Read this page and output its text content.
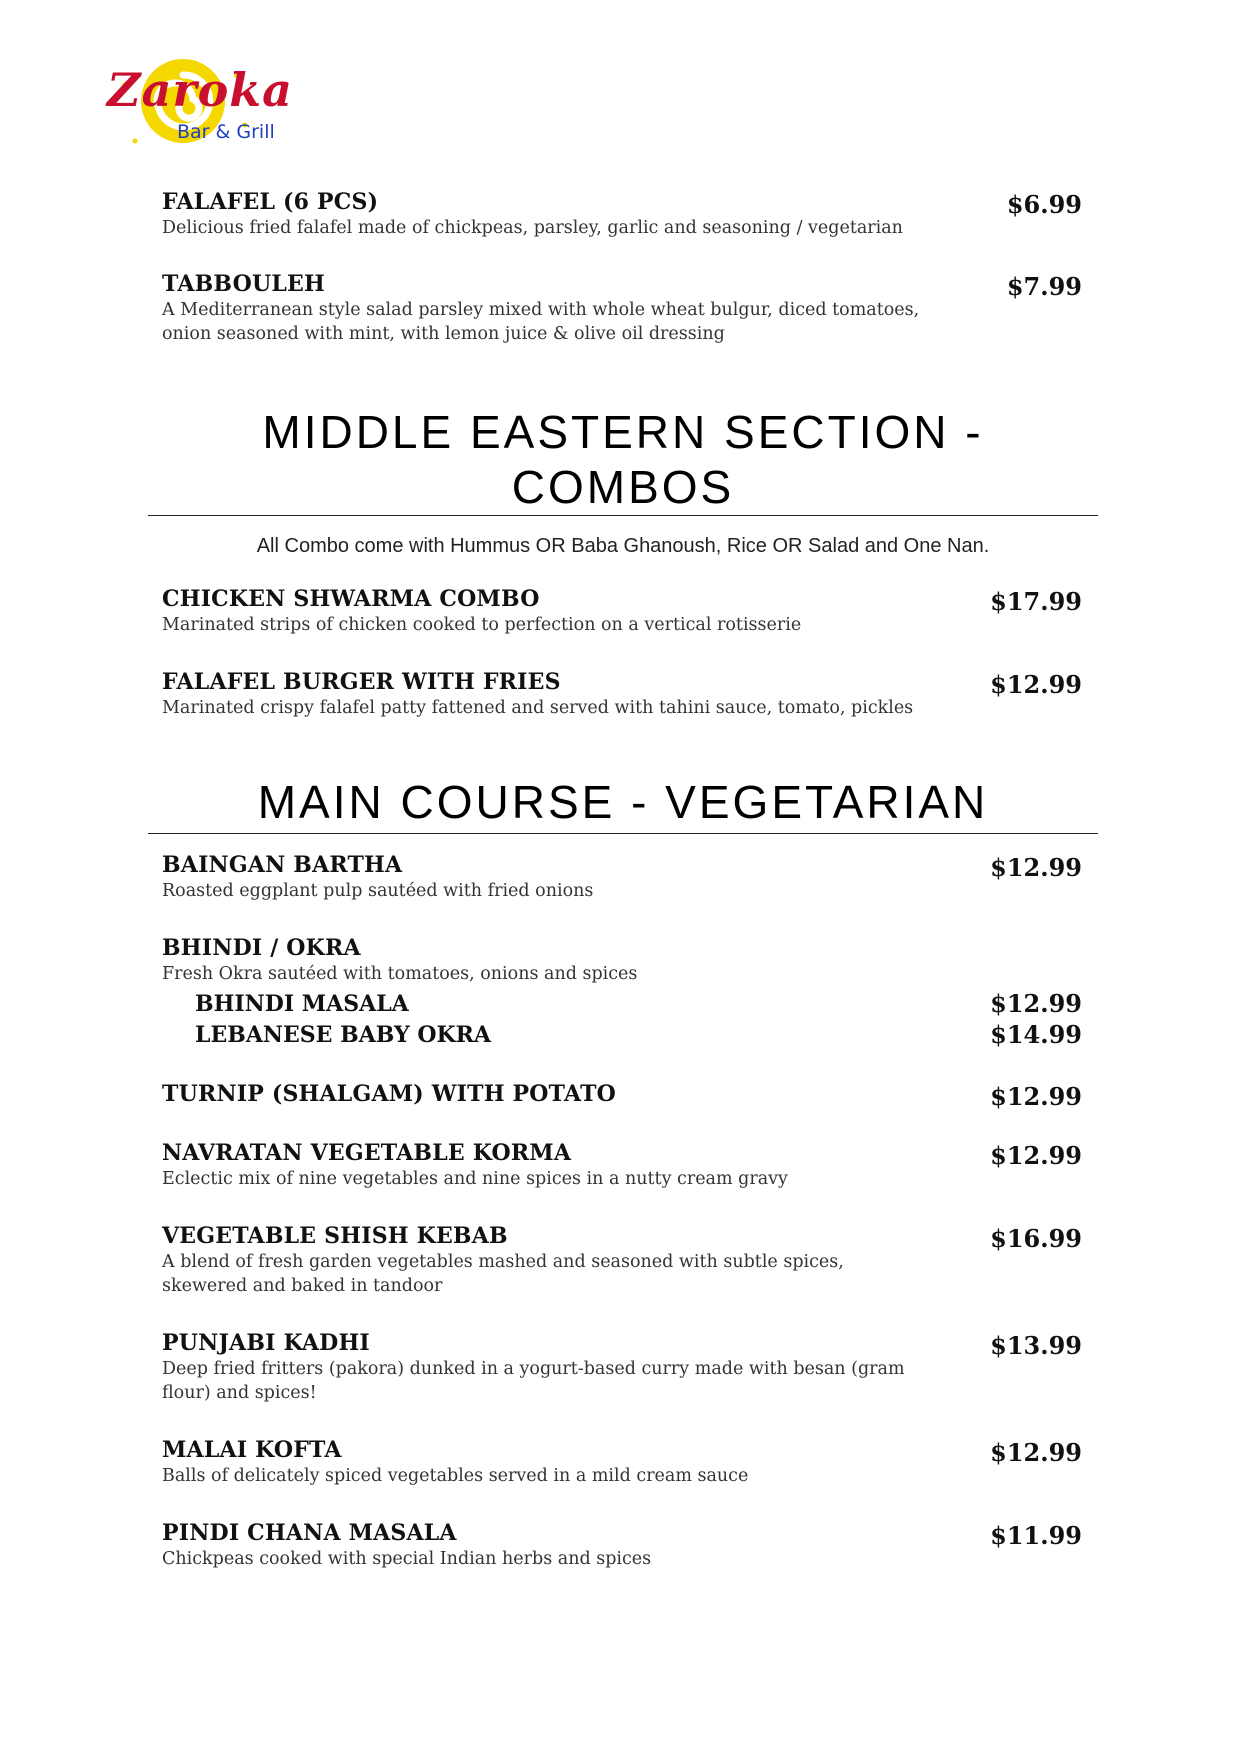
Zaroka
Bar & Grill
FALAFEL (6 PCS)
Delicious fried falafel made of chickpeas, parsley, garlic and seasoning / vegetarian
$6.99
TABBOULEH
A Mediterranean style salad parsley mixed with whole wheat bulgur, diced tomatoes, onion seasoned with mint, with lemon juice & olive oil dressing
$7.99
MIDDLE EASTERN SECTION - COMBOS
All Combo come with Hummus OR Baba Ghanoush, Rice OR Salad and One Nan.
CHICKEN SHWARMA COMBO
Marinated strips of chicken cooked to perfection on a vertical rotisserie
$17.99
FALAFEL BURGER WITH FRIES
Marinated crispy falafel patty fattened and served with tahini sauce, tomato, pickles
$12.99
MAIN COURSE - VEGETARIAN
BAINGAN BARTHA
Roasted eggplant pulp sautéed with fried onions
$12.99
BHINDI / OKRA
Fresh Okra sautéed with tomatoes, onions and spices
BHINDI MASALA	$12.99
LEBANESE BABY OKRA	$14.99
TURNIP (SHALGAM) WITH POTATO	$12.99
NAVRATAN VEGETABLE KORMA
Eclectic mix of nine vegetables and nine spices in a nutty cream gravy
$12.99
VEGETABLE SHISH KEBAB
A blend of fresh garden vegetables mashed and seasoned with subtle spices, skewered and baked in tandoor
$16.99
PUNJABI KADHI
Deep fried fritters (pakora) dunked in a yogurt-based curry made with besan (gram flour) and spices!
$13.99
MALAI KOFTA
Balls of delicately spiced vegetables served in a mild cream sauce
$12.99
PINDI CHANA MASALA
Chickpeas cooked with special Indian herbs and spices
$11.99
